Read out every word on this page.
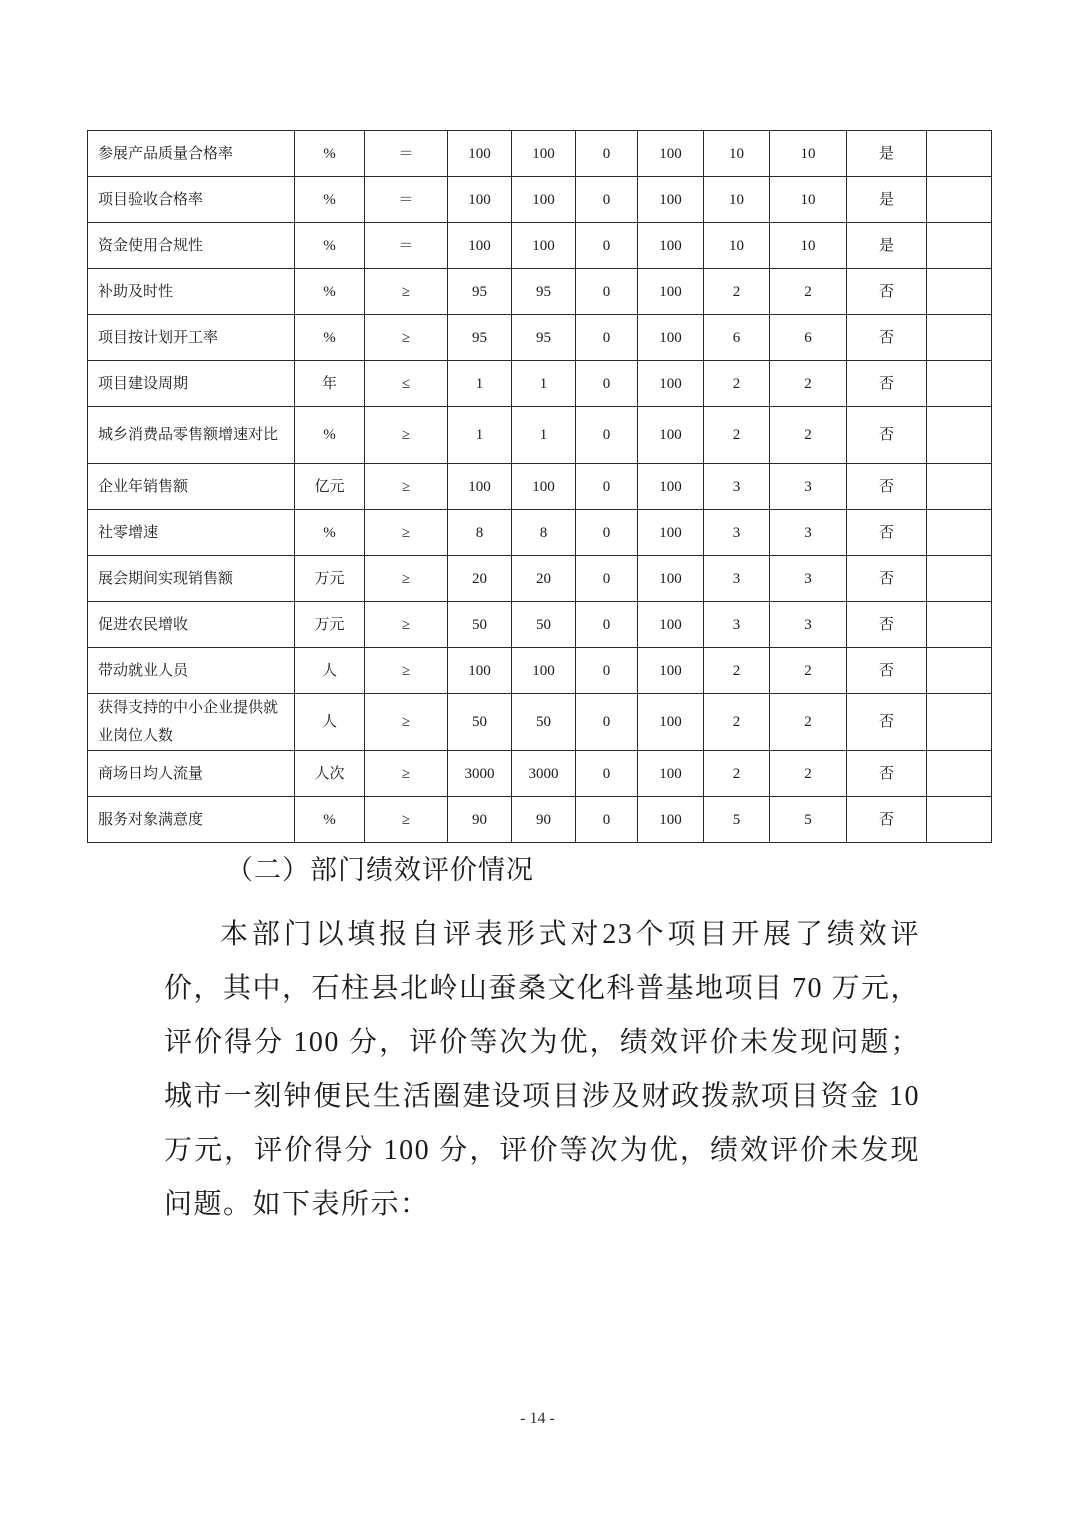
参展产品质量合格率	%	＝	100	100	0	100	10	10	是	
项目验收合格率	%	＝	100	100	0	100	10	10	是	
资金使用合规性	%	＝	100	100	0	100	10	10	是	
补助及时性	%	≥	95	95	0	100	2	2	否	
项目按计划开工率	%	≥	95	95	0	100	6	6	否	
项目建设周期	年	≤	1	1	0	100	2	2	否	
城乡消费品零售额增速对比	%	≥	1	1	0	100	2	2	否	
企业年销售额	亿元	≥	100	100	0	100	3	3	否	
社零增速	%	≥	8	8	0	100	3	3	否	
展会期间实现销售额	万元	≥	20	20	0	100	3	3	否	
促进农民增收	万元	≥	50	50	0	100	3	3	否	
带动就业人员	人	≥	100	100	0	100	2	2	否	
获得支持的中小企业提供就业岗位人数	人	≥	50	50	0	100	2	2	否	
商场日均人流量	人次	≥	3000	3000	0	100	2	2	否	
服务对象满意度	%	≥	90	90	0	100	5	5	否	
（二）部门绩效评价情况
本部门以填报自评表形式对23个项目开展了绩效评价，其中，石柱县北岭山蚕桑文化科普基地项目 70 万元，评价得分 100 分，评价等次为优，绩效评价未发现问题；城市一刻钟便民生活圈建设项目涉及财政拨款项目资金 10 万元，评价得分 100 分，评价等次为优，绩效评价未发现问题。如下表所示：
- 14 -
